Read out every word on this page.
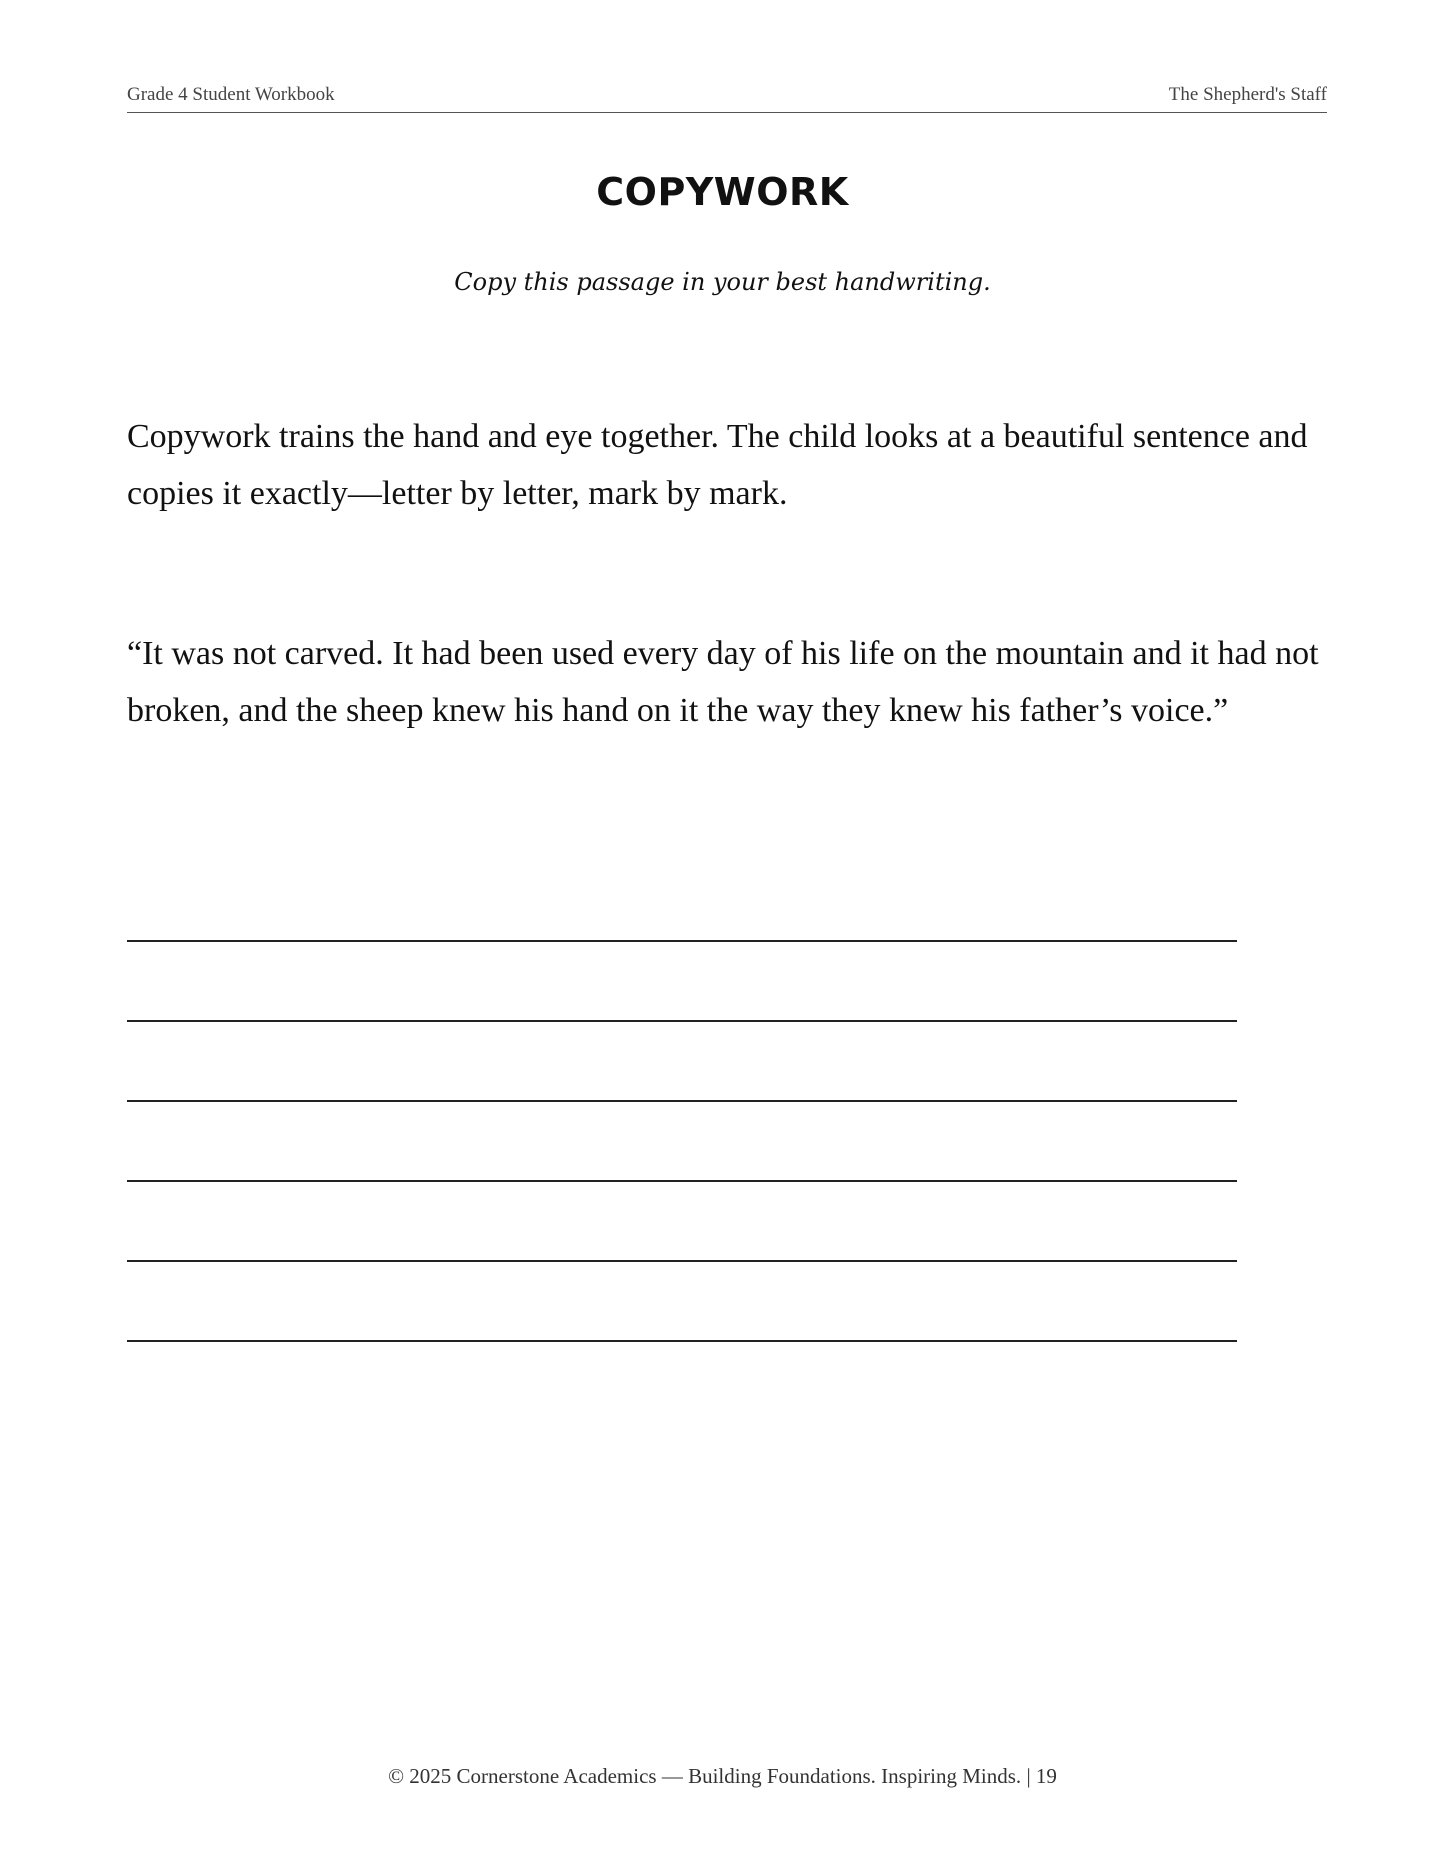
Grade 4 Student Workbook	The Shepherd's Staff
COPYWORK
Copy this passage in your best handwriting.

Copywork trains the hand and eye together. The child looks at a beautiful sentence and copies it exactly—letter by letter, mark by mark.

“It was not carved. It had been used every day of his life on the mountain and it had not broken, and the sheep knew his hand on it the way they knew his father’s voice.”

© 2025 Cornerstone Academics — Building Foundations. Inspiring Minds. | 19
